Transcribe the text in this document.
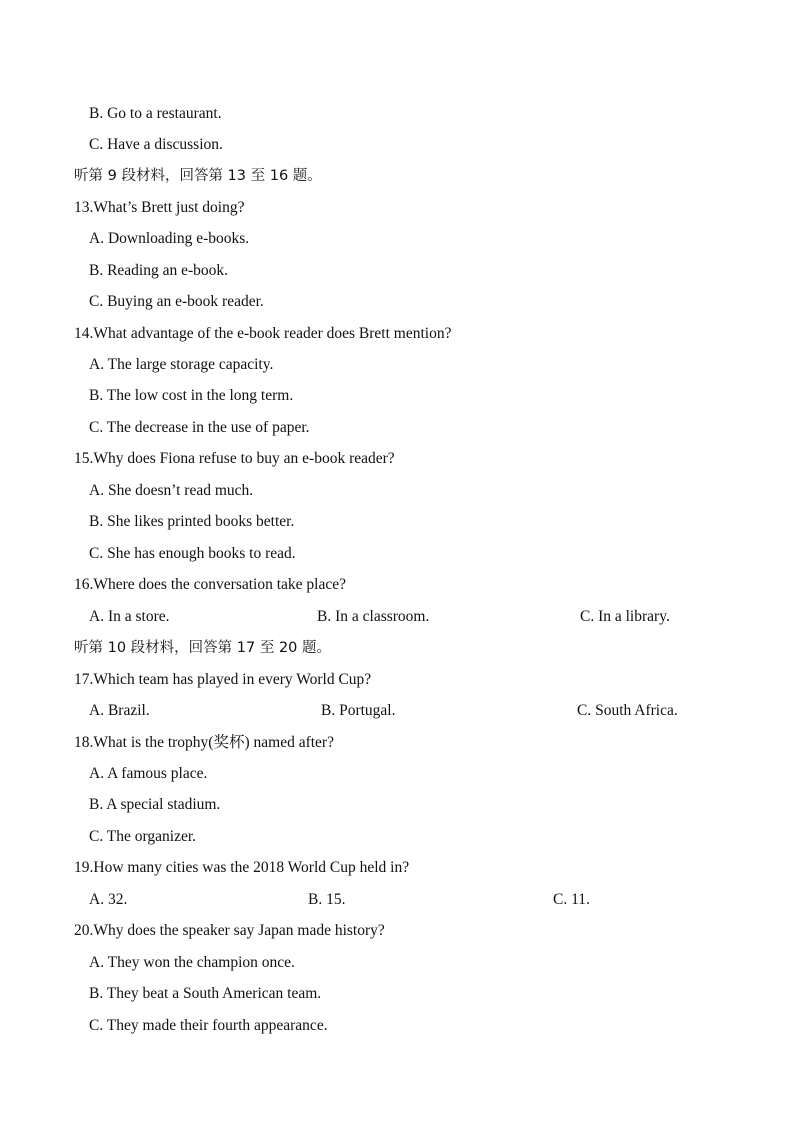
B. Go to a restaurant.
C. Have a discussion.
听第 9 段材料，回答第 13 至 16 题。
13.What’s Brett just doing?
A. Downloading e-books.
B. Reading an e-book.
C. Buying an e-book reader.
14.What advantage of the e-book reader does Brett mention?
A. The large storage capacity.
B. The low cost in the long term.
C. The decrease in the use of paper.
15.Why does Fiona refuse to buy an e-book reader?
A. She doesn’t read much.
B. She likes printed books better.
C. She has enough books to read.
16.Where does the conversation take place?
A. In a store.	B. In a classroom.	C. In a library.
听第 10 段材料，回答第 17 至 20 题。
17.Which team has played in every World Cup?
A. Brazil.	B. Portugal.	C. South Africa.
18.What is the trophy(奖杯) named after?
A. A famous place.
B. A special stadium.
C. The organizer.
19.How many cities was the 2018 World Cup held in?
A. 32.	B. 15.	C. 11.
20.Why does the speaker say Japan made history?
A. They won the champion once.
B. They beat a South American team.
C. They made their fourth appearance.
